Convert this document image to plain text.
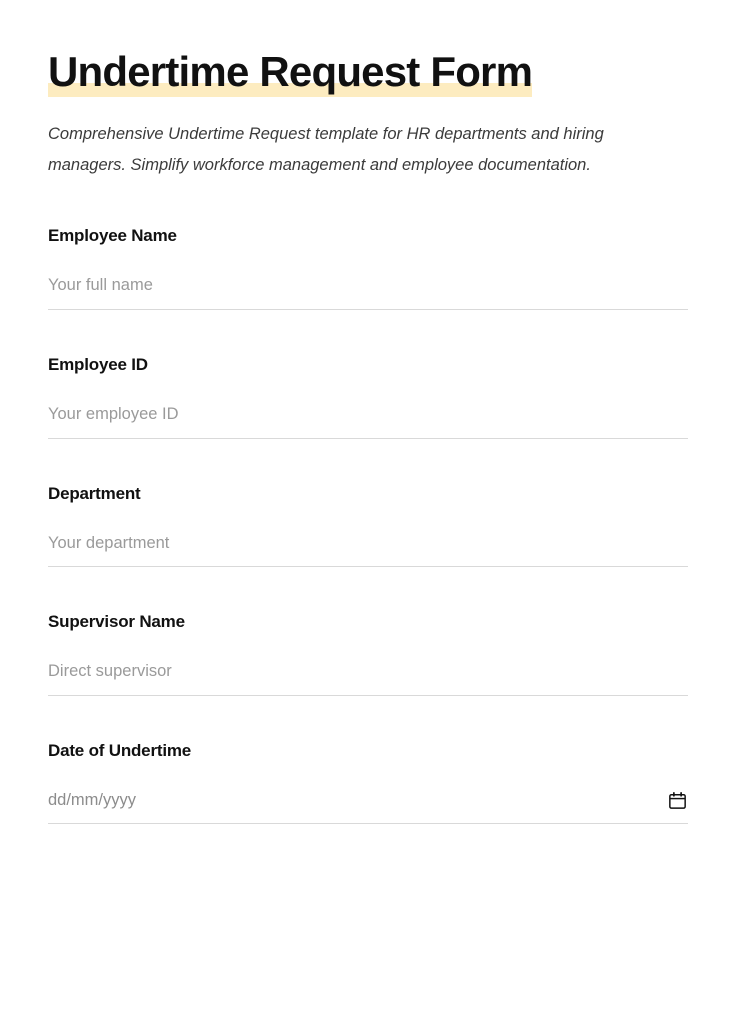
Undertime Request Form

Comprehensive Undertime Request template for HR departments and hiring managers. Simplify workforce management and employee documentation.

Employee Name
Your full name
Employee ID
Your employee ID
Department
Your department
Supervisor Name
Direct supervisor
Date of Undertime
dd/mm/yyyy
